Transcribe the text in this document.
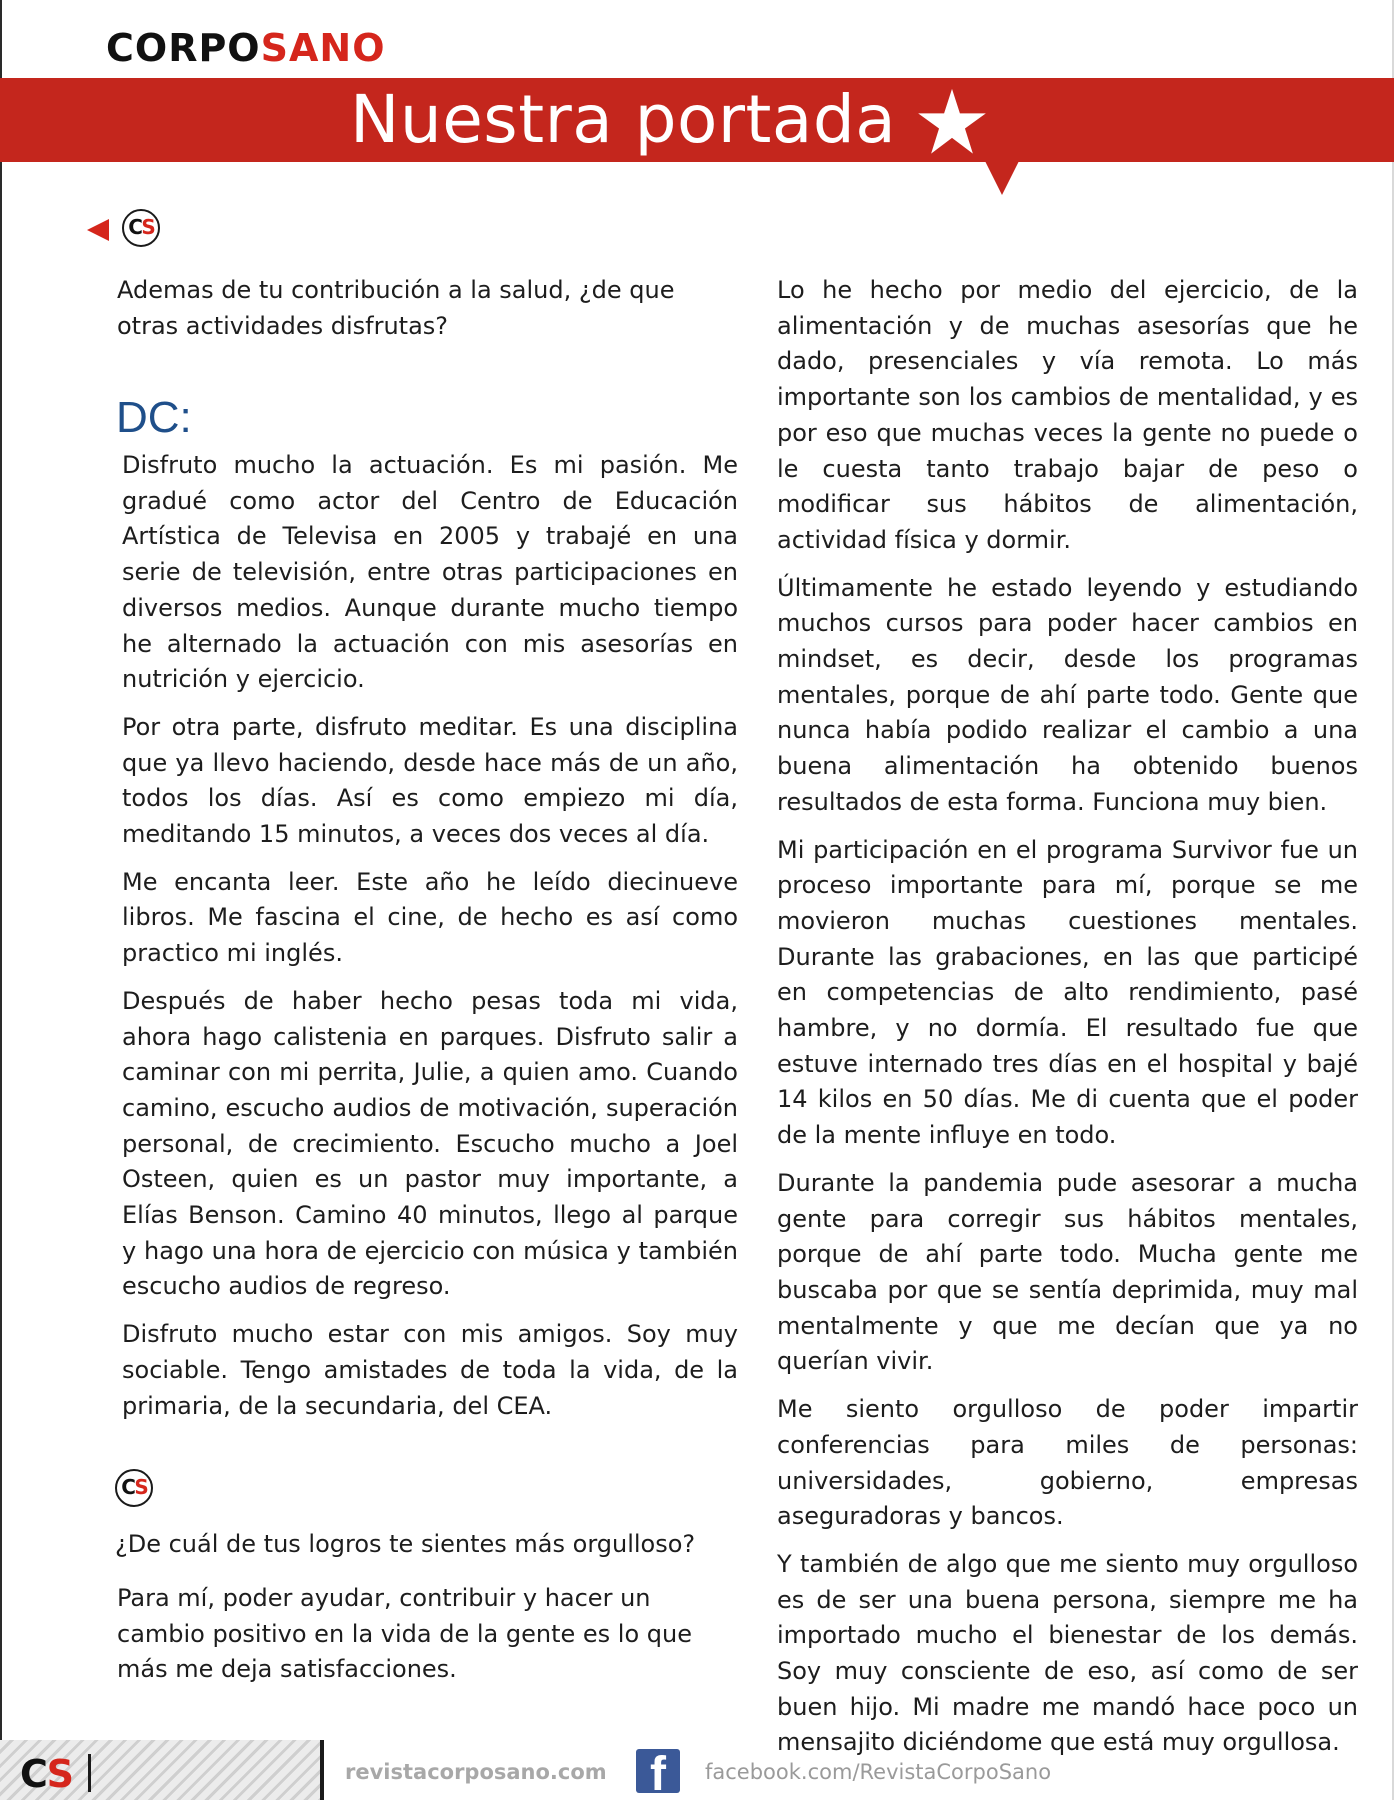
CORPOSANO
Nuestra portada
CS
Ademas de tu contribución a la salud, ¿de que otras actividades disfrutas?
DC:

Disfruto mucho la actuación. Es mi pasión. Me gradué como actor del Centro de Educación Artística de Televisa en 2005 y trabajé en una serie de televisión, entre otras participaciones en diversos medios. Aunque durante mucho tiempo he alternado la actuación con mis asesorías en nutrición y ejercicio.

Por otra parte, disfruto meditar. Es una disciplina que ya llevo haciendo, desde hace más de un año, todos los días. Así es como empiezo mi día, meditando 15 minutos, a veces dos veces al día.

Me encanta leer. Este año he leído diecinueve libros. Me fascina el cine, de hecho es así como practico mi inglés.

Después de haber hecho pesas toda mi vida, ahora hago calistenia en parques. Disfruto salir a caminar con mi perrita, Julie, a quien amo. Cuando camino, escucho audios de motivación, superación personal, de crecimiento. Escucho mucho a Joel Osteen, quien es un pastor muy importante, a Elías Benson. Camino 40 minutos, llego al parque y hago una hora de ejercicio con música y también escucho audios de regreso.

Disfruto mucho estar con mis amigos. Soy muy sociable. Tengo amistades de toda la vida, de la primaria, de la secundaria, del CEA.

CS
¿De cuál de tus logros te sientes más orgulloso?
Para mí, poder ayudar, contribuir y hacer un cambio positivo en la vida de la gente es lo que más me deja satisfacciones.

Lo he hecho por medio del ejercicio, de la alimentación y de muchas asesorías que he dado, presenciales y vía remota. Lo más importante son los cambios de mentalidad, y es por eso que muchas veces la gente no puede o le cuesta tanto trabajo bajar de peso o modificar sus hábitos de alimentación, actividad física y dormir.

Últimamente he estado leyendo y estudiando muchos cursos para poder hacer cambios en mindset, es decir, desde los programas mentales, porque de ahí parte todo. Gente que nunca había podido realizar el cambio a una buena alimentación ha obtenido buenos resultados de esta forma. Funciona muy bien.

Mi participación en el programa Survivor fue un proceso importante para mí, porque se me movieron muchas cuestiones mentales. Durante las grabaciones, en las que participé en competencias de alto rendimiento, pasé hambre, y no dormía. El resultado fue que estuve internado tres días en el hospital y bajé 14 kilos en 50 días. Me di cuenta que el poder de la mente influye en todo.

Durante la pandemia pude asesorar a mucha gente para corregir sus hábitos mentales, porque de ahí parte todo. Mucha gente me buscaba por que se sentía deprimida, muy mal mentalmente y que me decían que ya no querían vivir.

Me siento orgulloso de poder impartir conferencias para miles de personas: universidades, gobierno, empresas aseguradoras y bancos.

Y también de algo que me siento muy orgulloso es de ser una buena persona, siempre me ha importado mucho el bienestar de los demás. Soy muy consciente de eso, así como de ser buen hijo. Mi madre me mandó hace poco un mensajito diciéndome que está muy orgullosa.

CS	revistacorposano.com f facebook.com/RevistaCorpoSano
